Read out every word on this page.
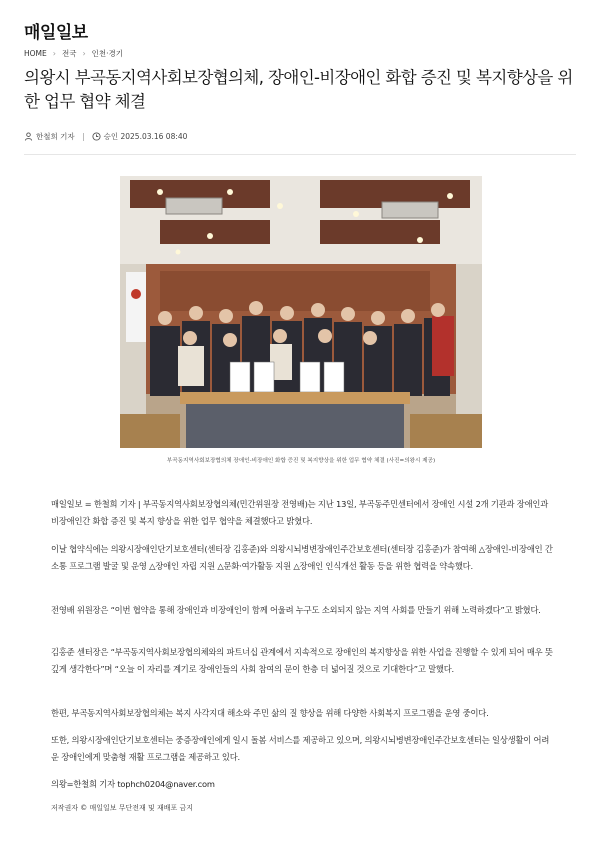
매일일보
HOME › 전국 › 인천·경기
의왕시 부곡동지역사회보장협의체, 장애인-비장애인 화합 증진 및 복지향상을 위한 업무 협약 체결
한철희 기자	승인 2025.03.16 08:40
부곡동지역사회보장협의체 장애인-비장애인 화합 증진 및 복지향상을 위한 업무 협약 체결 (사진=의왕시 제공)

매일일보 = 한철희 기자 | 부곡동지역사회보장협의체(민간위원장 전영배)는 지난 13일, 부곡동주민센터에서 장애인 시설 2개 기관과 장애인과 비장애인간 화합 증진 및 복지 향상을 위한 업무 협약을 체결했다고 밝혔다.

이날 협약식에는 의왕시장애인단기보호센터(센터장 김홍준)와 의왕시뇌병변장애인주간보호센터(센터장 김홍준)가 참여해 △장애인-비장애인 간 소통 프로그램 발굴 및 운영 △장애인 자립 지원 △문화·여가활동 지원 △장애인 인식개선 활동 등을 위한 협력을 약속했다.

전영배 위원장은 “이번 협약을 통해 장애인과 비장애인이 함께 어울려 누구도 소외되지 않는 지역 사회를 만들기 위해 노력하겠다”고 밝혔다.

김홍준 센터장은 “부곡동지역사회보장협의체와의 파트너십 관계에서 지속적으로 장애인의 복지향상을 위한 사업을 진행할 수 있게 되어 매우 뜻깊게 생각한다”며 “오늘 이 자리를 계기로 장애인들의 사회 참여의 문이 한층 더 넓어질 것으로 기대한다”고 말했다.

한편, 부곡동지역사회보장협의체는 복지 사각지대 해소와 주민 삶의 질 향상을 위해 다양한 사회복지 프로그램을 운영 중이다.

또한, 의왕시장애인단기보호센터는 중증장애인에게 일시 돌봄 서비스를 제공하고 있으며, 의왕시뇌병변장애인주간보호센터는 일상생활이 어려운 장애인에게 맞춤형 재활 프로그램을 제공하고 있다.

의왕=한철희 기자 tophch0204@naver.com

저작권자 © 매일일보 무단전재 및 재배포 금지
